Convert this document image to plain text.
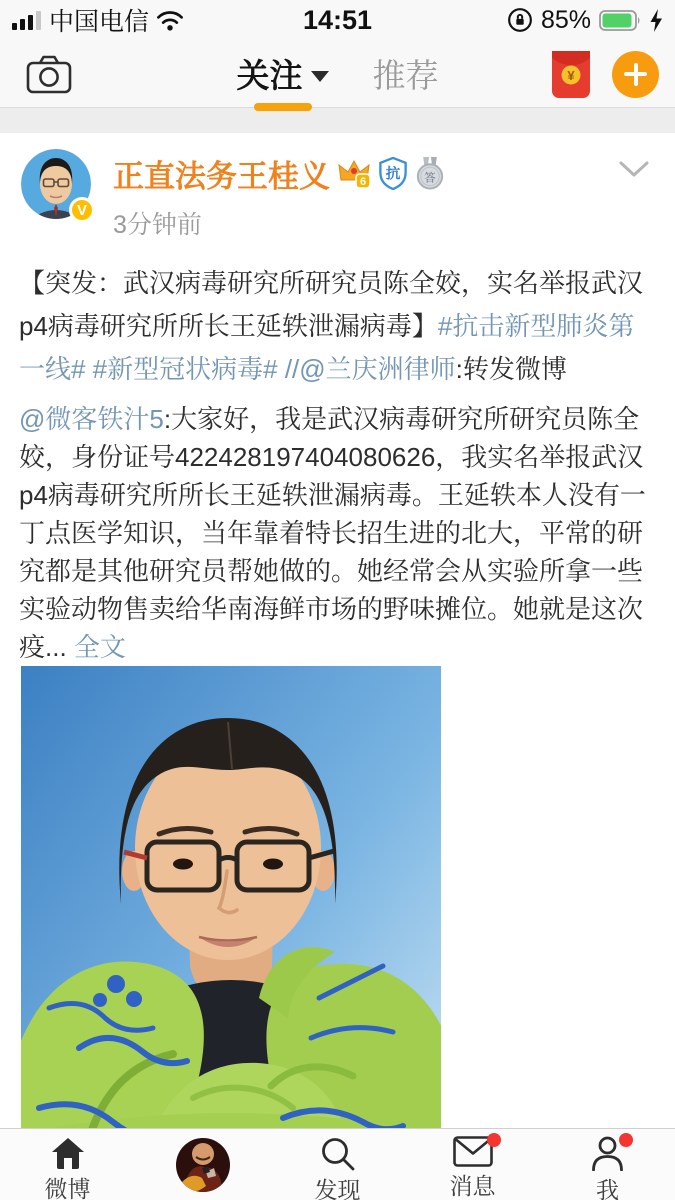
中国电信	14:51	85%
关注 推荐	¥
V
正直法务王桂义	6 抗 答
3分钟前

【突发：武汉病毒研究所研究员陈全姣，实名举报武汉p4病毒研究所所长王延轶泄漏病毒】#抗击新型肺炎第一线# #新型冠状病毒# //@兰庆洲律师:转发微博

@微客铁汁5:大家好，我是武汉病毒研究所研究员陈全姣，身份证号422428197404080626，我实名举报武汉p4病毒研究所所长王延轶泄漏病毒。王延轶本人没有一丁点医学知识，当年靠着特长招生进的北大，平常的研究都是其他研究员帮她做的。她经常会从实验所拿一些实验动物售卖给华南海鲜市场的野味摊位。她就是这次疫... 全文

微博	发现	消息	我
